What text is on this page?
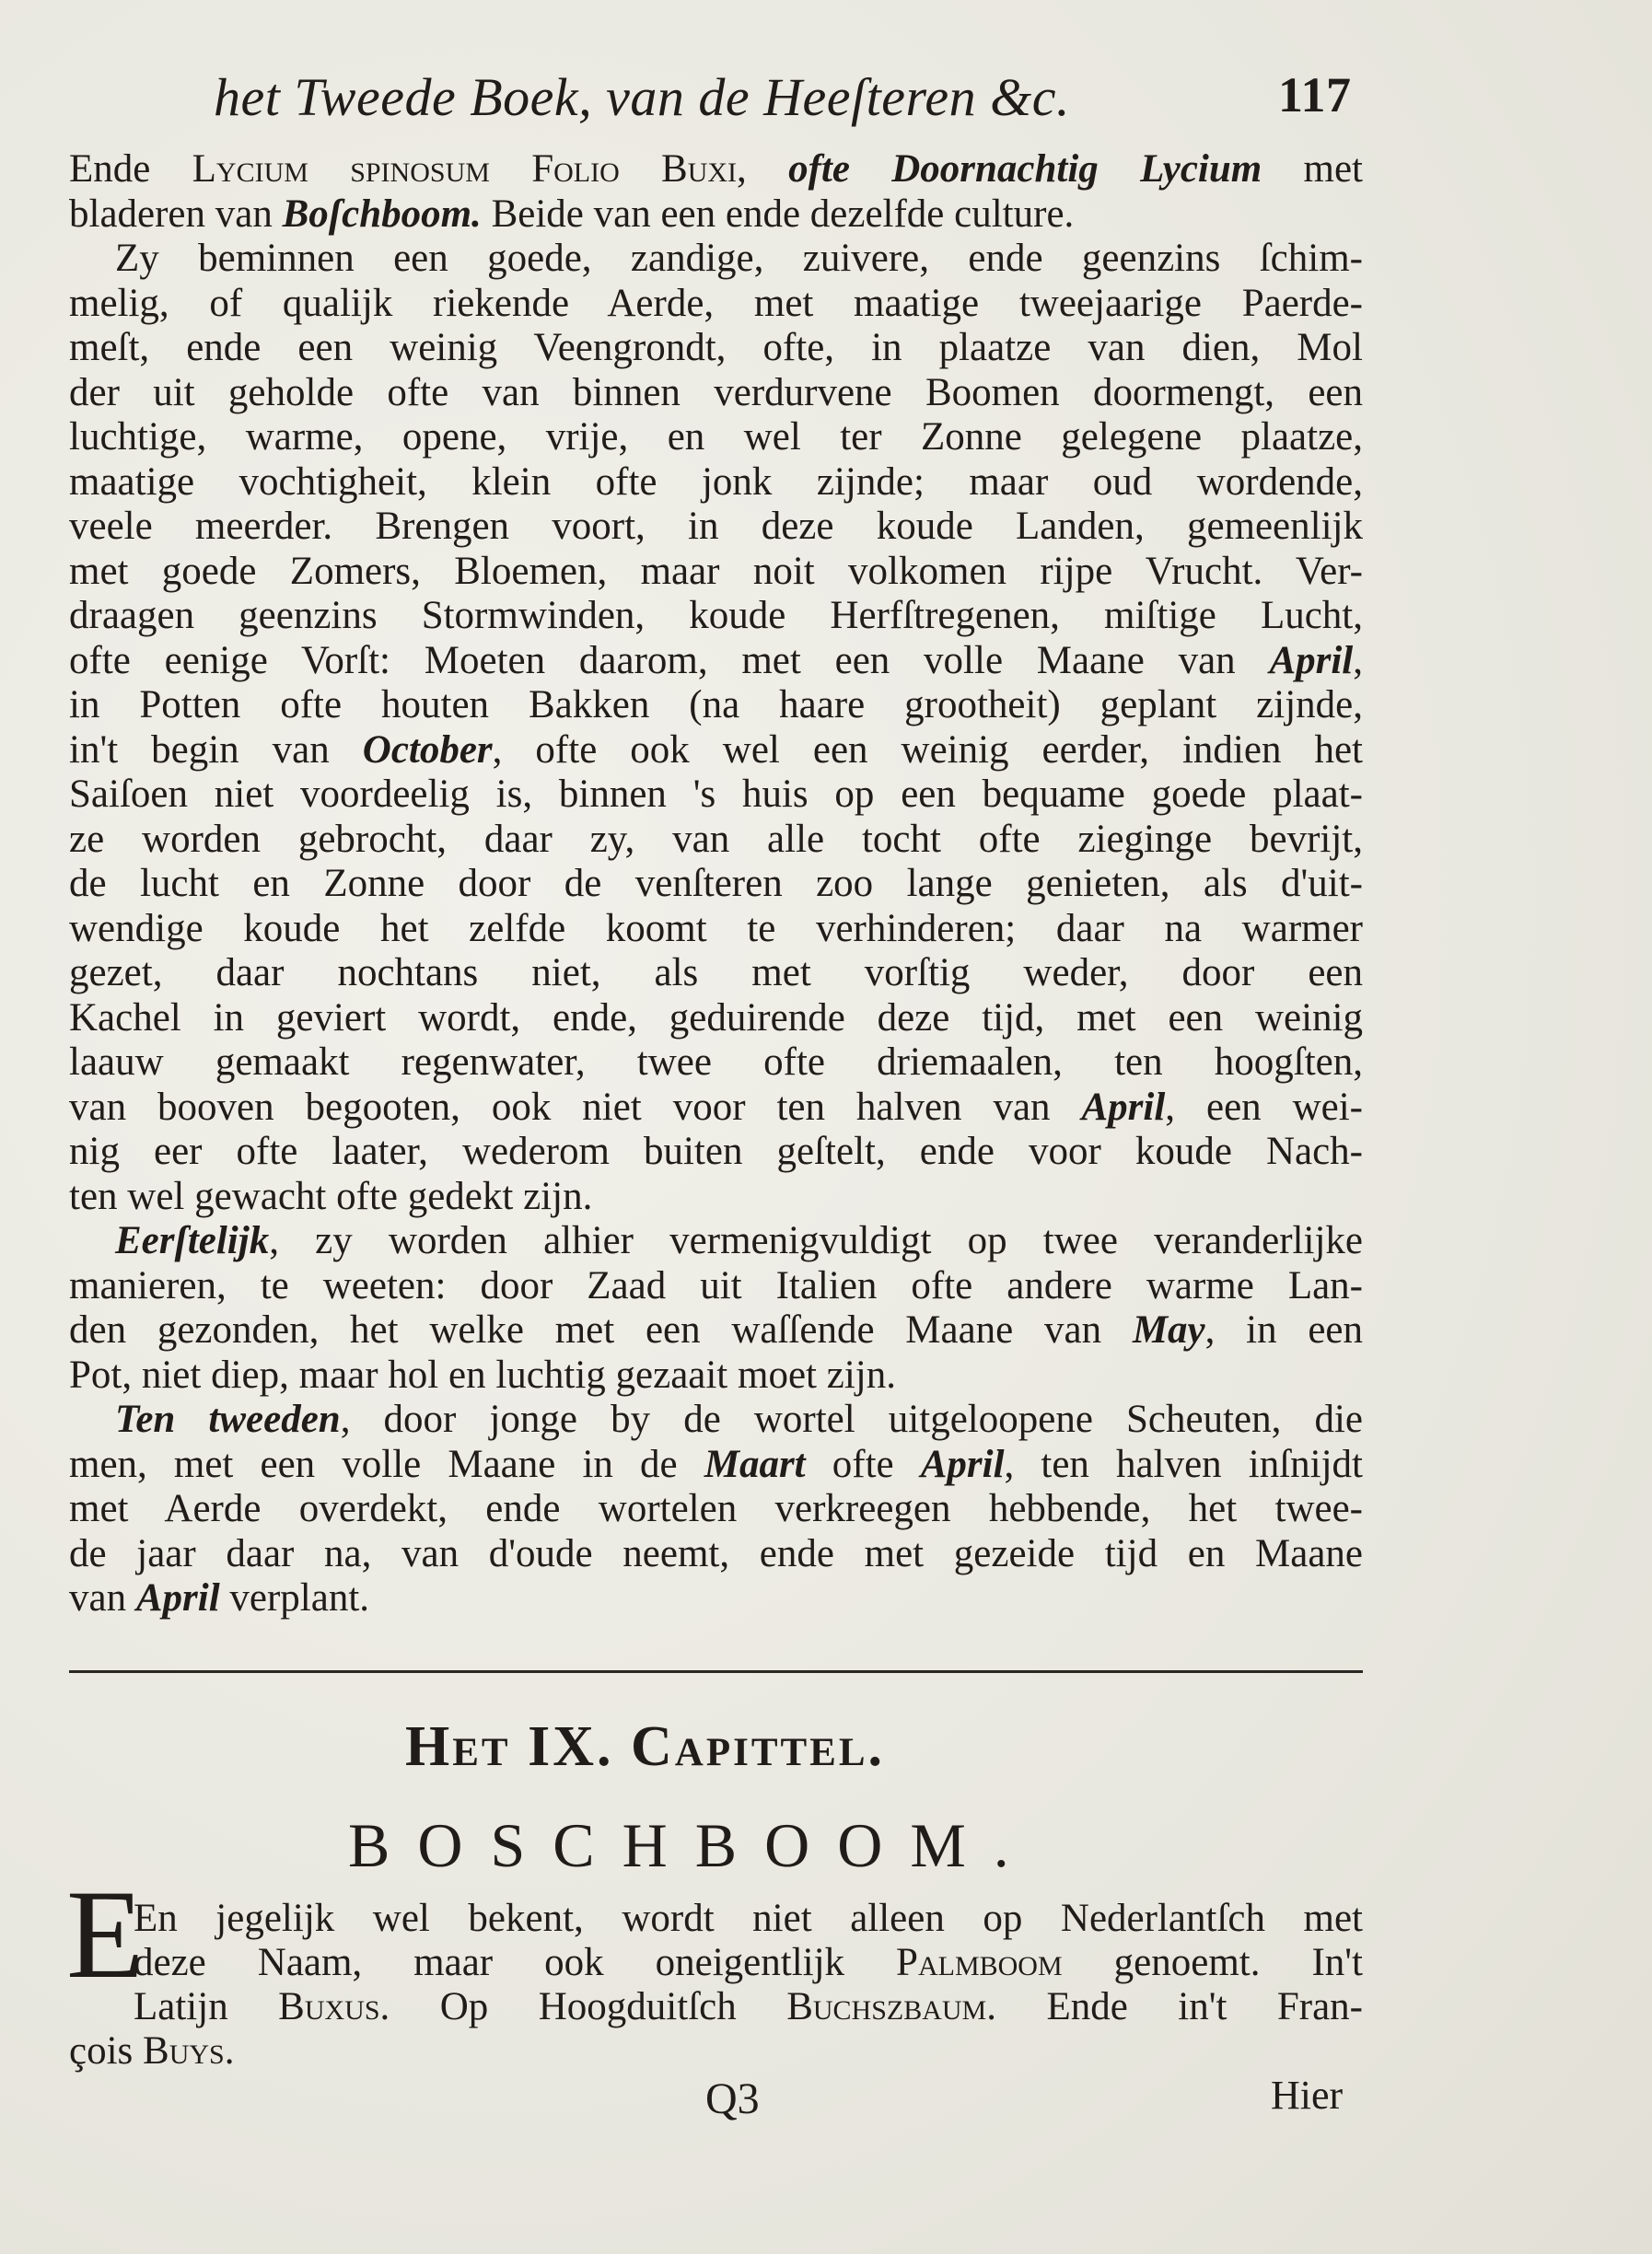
het Tweede Boek, van de Heeſteren &c.	117
Ende Lycium spinosum Folio Buxi, ofte Doornachtig Lycium met
bladeren van Boſchboom. Beide van een ende dezelfde culture.
Zy beminnen een goede, zandige, zuivere, ende geenzins ſchim-
melig, of qualijk riekende Aerde, met maatige tweejaarige Paerde-
meſt, ende een weinig Veengrondt, ofte, in plaatze van dien, Mol
der uit geholde ofte van binnen verdurvene Boomen doormengt, een
luchtige, warme, opene, vrije, en wel ter Zonne gelegene plaatze,
maatige vochtigheit, klein ofte jonk zijnde; maar oud wordende,
veele meerder. Brengen voort, in deze koude Landen, gemeenlijk
met goede Zomers, Bloemen, maar noit volkomen rijpe Vrucht. Ver-
draagen geenzins Stormwinden, koude Herfſtregenen, miſtige Lucht,
ofte eenige Vorſt: Moeten daarom, met een volle Maane van April,
in Potten ofte houten Bakken (na haare grootheit) geplant zijnde,
in't begin van October, ofte ook wel een weinig eerder, indien het
Saiſoen niet voordeelig is, binnen 's huis op een bequame goede plaat-
ze worden gebrocht, daar zy, van alle tocht ofte zieginge bevrijt,
de lucht en Zonne door de venſteren zoo lange genieten, als d'uit-
wendige koude het zelfde koomt te verhinderen; daar na warmer
gezet, daar nochtans niet, als met vorſtig weder, door een
Kachel in geviert wordt, ende, geduirende deze tijd, met een weinig
laauw gemaakt regenwater, twee ofte driemaalen, ten hoogſten,
van booven begooten, ook niet voor ten halven van April, een wei-
nig eer ofte laater, wederom buiten geſtelt, ende voor koude Nach-
ten wel gewacht ofte gedekt zijn.
Eerſtelijk, zy worden alhier vermenigvuldigt op twee veranderlijke
manieren, te weeten: door Zaad uit Italien ofte andere warme Lan-
den gezonden, het welke met een waſſende Maane van May, in een
Pot, niet diep, maar hol en luchtig gezaait moet zijn.
Ten tweeden, door jonge by de wortel uitgeloopene Scheuten, die
men, met een volle Maane in de Maart ofte April, ten halven inſnijdt
met Aerde overdekt, ende wortelen verkreegen hebbende, het twee-
de jaar daar na, van d'oude neemt, ende met gezeide tijd en Maane
van April verplant.
Het IX. Capittel.
BOSCHBOOM.
E
En jegelijk wel bekent, wordt niet alleen op Nederlantſch met
deze Naam, maar ook oneigentlijk Palmboom genoemt. In't
Latijn Buxus. Op Hoogduitſch Buchszbaum. Ende in't Fran-
çois Buys.
Q3	Hier
